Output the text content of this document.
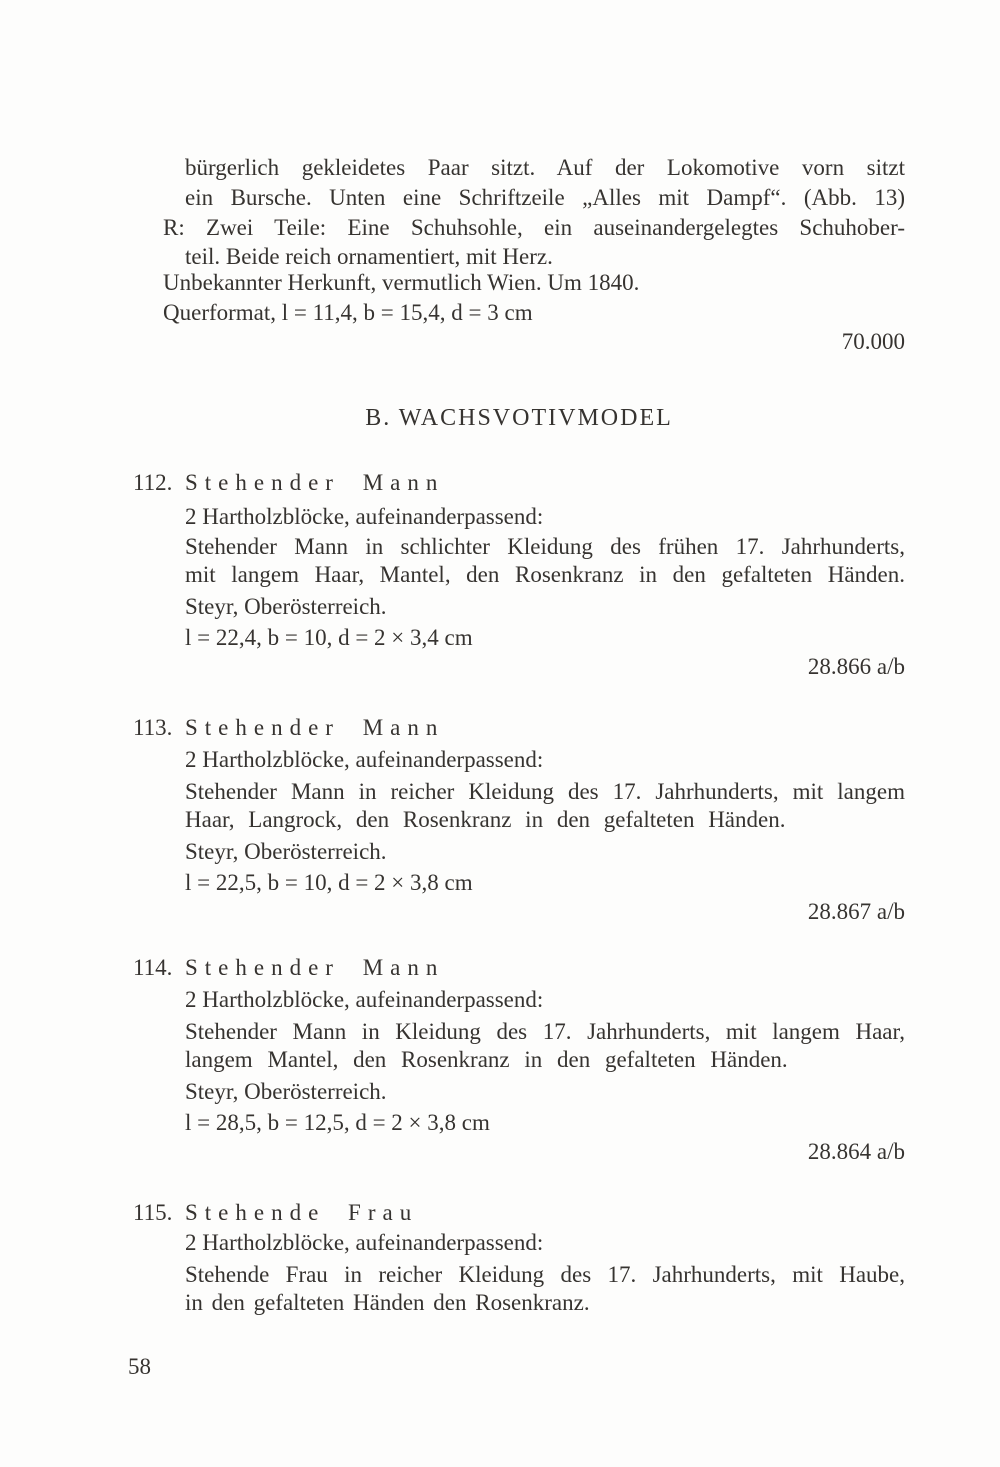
bürgerlich gekleidetes Paar sitzt. Auf der Lokomotive vorn sitzt
ein Bursche. Unten eine Schriftzeile „Alles mit Dampf“. (Abb. 13)
R: Zwei Teile: Eine Schuhsohle, ein auseinandergelegtes Schuhober-
teil. Beide reich ornamentiert, mit Herz.
Unbekannter Herkunft, vermutlich Wien. Um 1840.
Querformat, l = 11,4, b = 15,4, d = 3 cm
70.000
B. WACHSVOTIVMODEL
112. Stehender Mann
2 Hartholzblöcke, aufeinanderpassend:
Stehender Mann in schlichter Kleidung des frühen 17. Jahrhunderts,
mit langem Haar, Mantel, den Rosenkranz in den gefalteten Händen.
Steyr, Oberösterreich.
l = 22,4, b = 10, d = 2 × 3,4 cm
28.866 a/b
113. Stehender Mann
2 Hartholzblöcke, aufeinanderpassend:
Stehender Mann in reicher Kleidung des 17. Jahrhunderts, mit langem
Haar, Langrock, den Rosenkranz in den gefalteten Händen.
Steyr, Oberösterreich.
l = 22,5, b = 10, d = 2 × 3,8 cm
28.867 a/b
114. Stehender Mann
2 Hartholzblöcke, aufeinanderpassend:
Stehender Mann in Kleidung des 17. Jahrhunderts, mit langem Haar,
langem Mantel, den Rosenkranz in den gefalteten Händen.
Steyr, Oberösterreich.
l = 28,5, b = 12,5, d = 2 × 3,8 cm
28.864 a/b
115. Stehende Frau
2 Hartholzblöcke, aufeinanderpassend:
Stehende Frau in reicher Kleidung des 17. Jahrhunderts, mit Haube,
in den gefalteten Händen den Rosenkranz.
58
